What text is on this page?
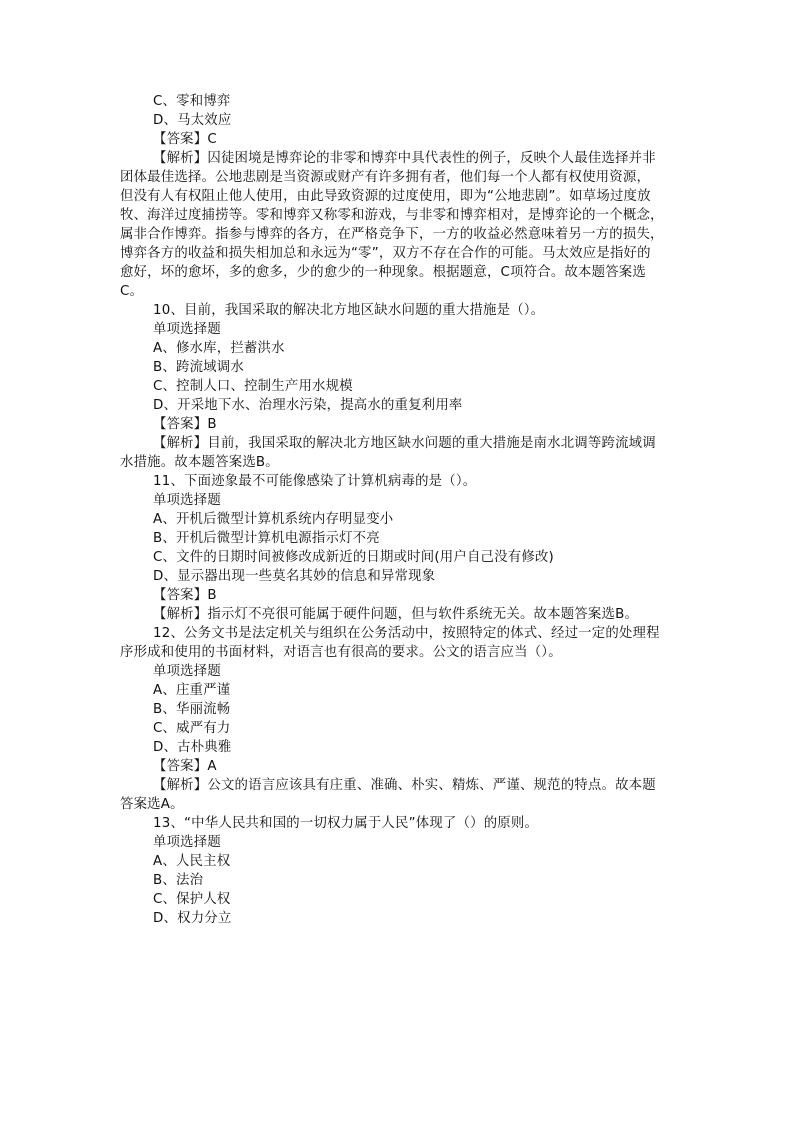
C、零和博弈
D、马太效应
【答案】C
【解析】囚徒困境是博弈论的非零和博弈中具代表性的例子，反映个人最佳选择并非
团体最佳选择。公地悲剧是当资源或财产有许多拥有者，他们每一个人都有权使用资源，
但没有人有权阻止他人使用，由此导致资源的过度使用，即为“公地悲剧”。如草场过度放
牧、海洋过度捕捞等。零和博弈又称零和游戏，与非零和博弈相对，是博弈论的一个概念，
属非合作博弈。指参与博弈的各方，在严格竞争下，一方的收益必然意味着另一方的损失，
博弈各方的收益和损失相加总和永远为“零”，双方不存在合作的可能。马太效应是指好的
愈好，坏的愈坏，多的愈多，少的愈少的一种现象。根据题意，C项符合。故本题答案选
C。
10、目前，我国采取的解决北方地区缺水问题的重大措施是（）。
单项选择题
A、修水库，拦蓄洪水
B、跨流域调水
C、控制人口、控制生产用水规模
D、开采地下水、治理水污染，提高水的重复利用率
【答案】B
【解析】目前，我国采取的解决北方地区缺水问题的重大措施是南水北调等跨流域调
水措施。故本题答案选B。
11、下面迹象最不可能像感染了计算机病毒的是（）。
单项选择题
A、开机后微型计算机系统内存明显变小
B、开机后微型计算机电源指示灯不亮
C、文件的日期时间被修改成新近的日期或时间(用户自己没有修改)
D、显示器出现一些莫名其妙的信息和异常现象
【答案】B
【解析】指示灯不亮很可能属于硬件问题，但与软件系统无关。故本题答案选B。
12、公务文书是法定机关与组织在公务活动中，按照特定的体式、经过一定的处理程
序形成和使用的书面材料，对语言也有很高的要求。公文的语言应当（）。
单项选择题
A、庄重严谨
B、华丽流畅
C、威严有力
D、古朴典雅
【答案】A
【解析】公文的语言应该具有庄重、准确、朴实、精炼、严谨、规范的特点。故本题
答案选A。
13、“中华人民共和国的一切权力属于人民”体现了（）的原则。
单项选择题
A、人民主权
B、法治
C、保护人权
D、权力分立
